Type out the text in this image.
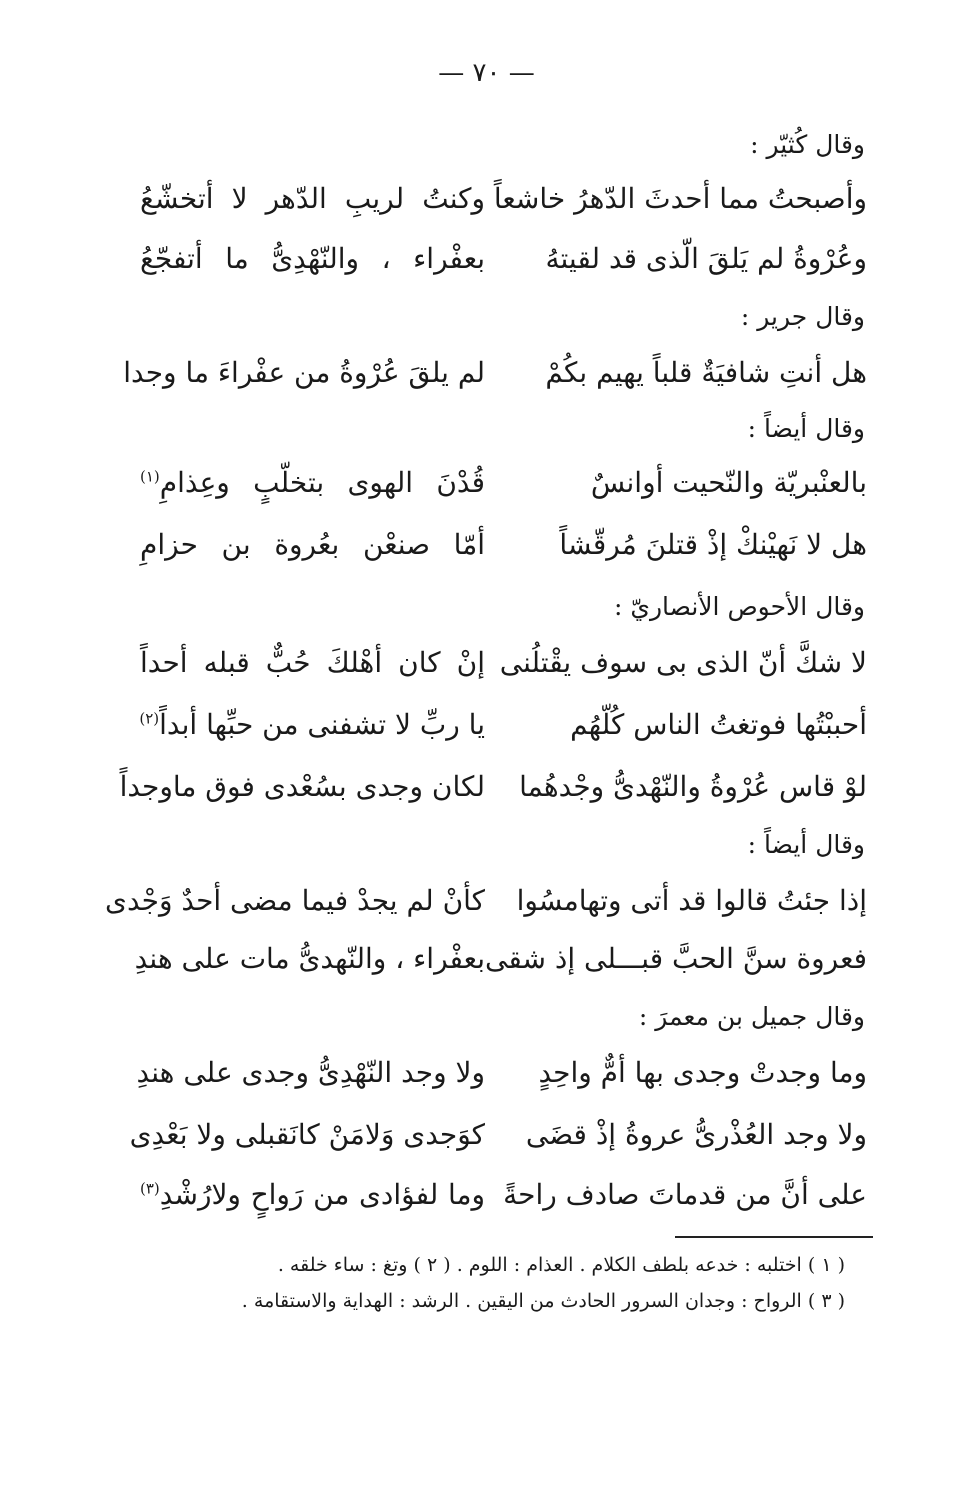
— ٧٠ —
وقال كُثيّر :
وأصبحتُ مما أحدثَ الدّهرُ خاشعاً
وكنتُ لريبِ الدّهر لا أتخشّعُ
وعُرْوةُ لم يَلقَ الّذى قد لقيتهُ
بعفْراء ، والنّهْدِىُّ ما أتفجّعُ
وقال جرير :
هل أنتِ شافيَةٌ قلباً يهيم بكُمْ
لم يلقَ عُرْوةُ من عفْراءَ ما وجدا
وقال أيضاً :
بالعنْبريّة والنّحيت أوانسٌ
قُدْنَ الهوى بتخلّبٍ وعِذامِ$^{(١)}$
هل لا نَهيْنكْ إذْ قتلنَ مُرقّشاً
أمّا صنعْن بعُروة بن حزامِ
وقال الأحوص الأنصاريّ :
لا شكَّ أنّ الذى بى سوف يقْتلُنى
إنْ كان أهْلكَ حُبٌّ قبله أحداً
أحببْتُها فوتغتُ الناس كُلّهُم
يا ربِّ لا تشفنى من حبِّها أبداً$^{(٢)}$
لوْ قاس عُرْوةُ والنّهْدىُّ وجْدهُما
لكان وجدى بسُعْدى فوق ماوجداً
وقال أيضاً :
إذا جئتُ قالوا قد أتى وتهامسُوا
كأنْ لم يجدْ فيما مضى أحدٌ وَجْدى
فعروة سنَّ الحبَّ قبـــلى إذ شقى
بعفْراء ، والنّهدىُّ مات على هندِ
وقال جميل بن معمرَ :
وما وجدتْ وجدى بها أمٌّ واحِدٍ
ولا وجد النّهْدِىُّ وجدى على هندِ
ولا وجد العُذْرىُّ عروةُ إذْ قضَى
كوَجدى وَلامَنْ كانَقبلى ولا بَعْدِى
على أنَّ من قدماتَ صادف راحةً
وما لفؤادى من رَواحٍ ولارُشْدِ$^{(٣)}$
( ١ ) اختلبه : خدعه بلطف الكلام . العذام : اللوم . ( ٢ ) وتغ : ساء خلقه .
( ٣ ) الرواح : وجدان السرور الحادث من اليقين . الرشد : الهداية والاستقامة .
